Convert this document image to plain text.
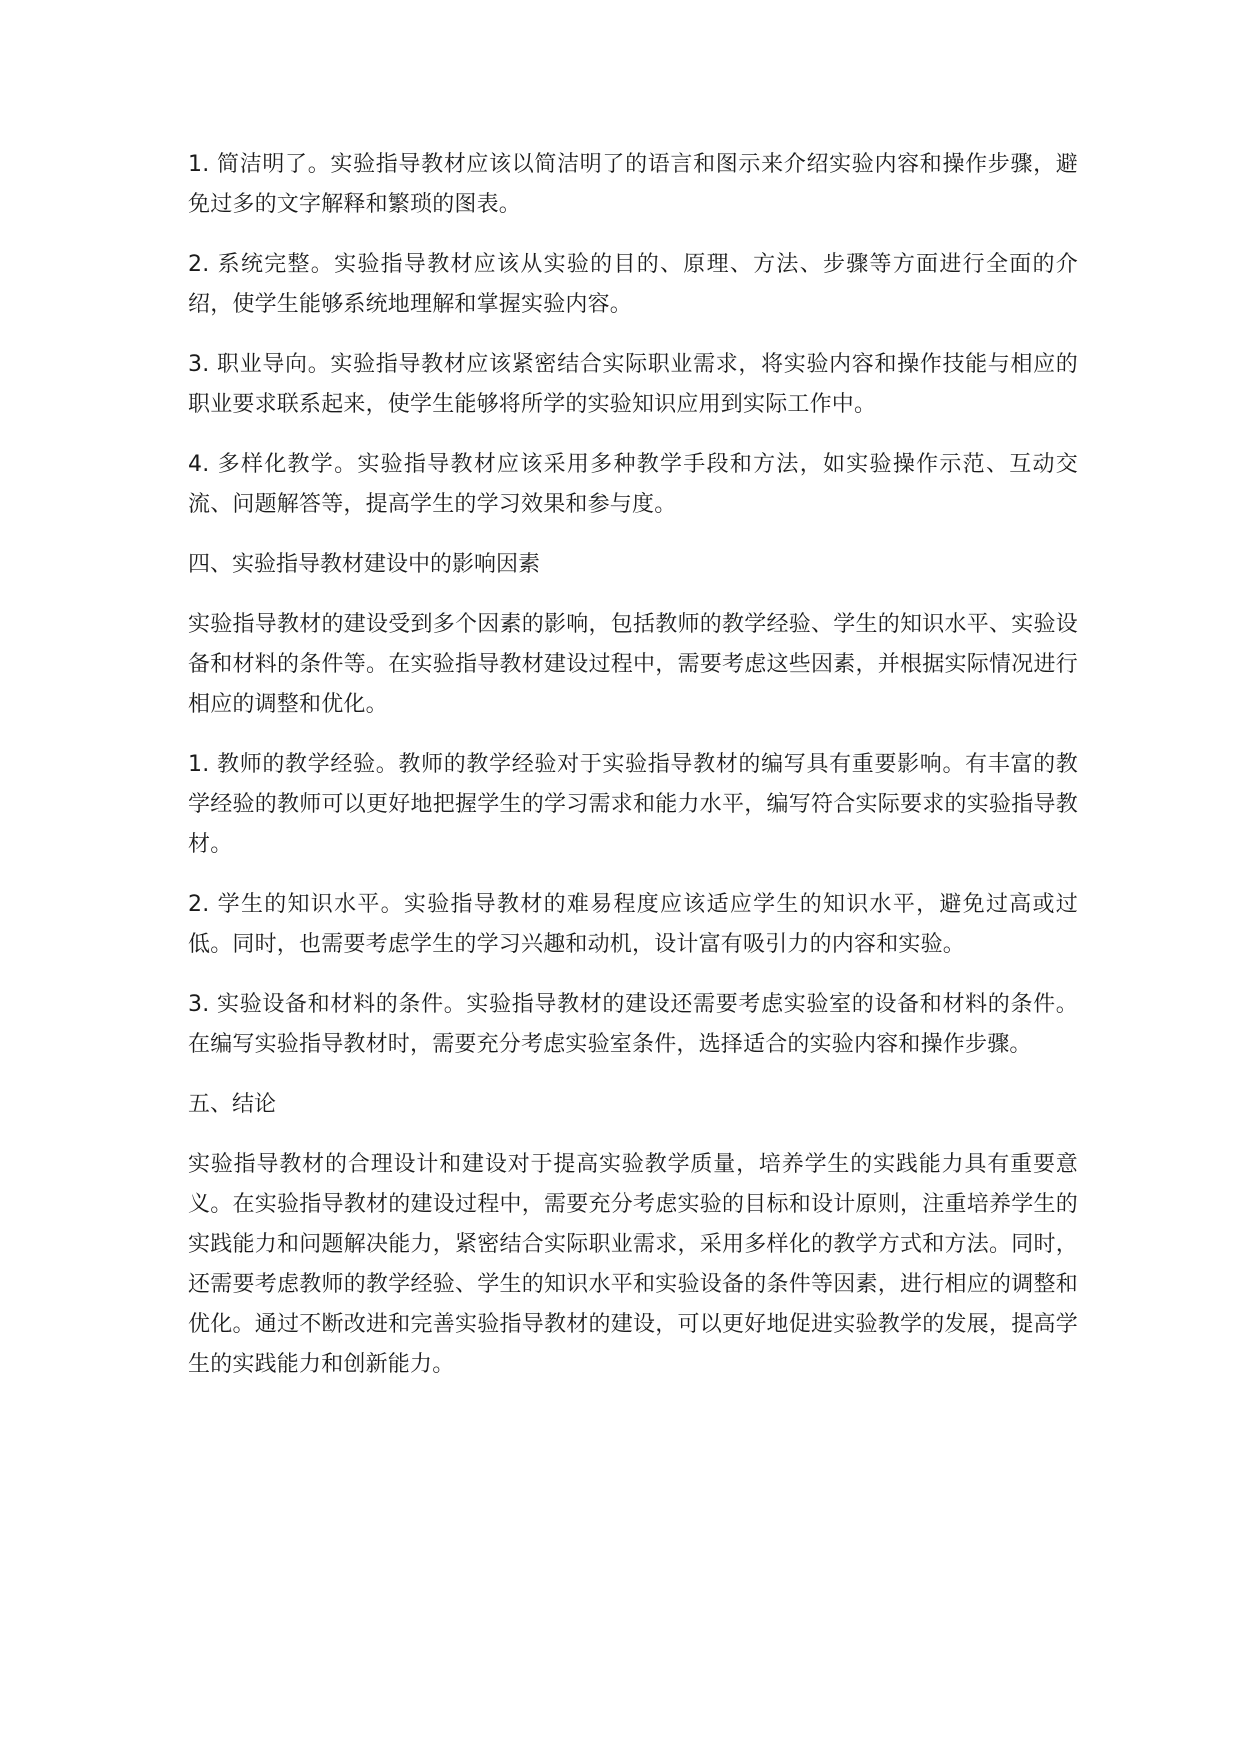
1. 简洁明了。实验指导教材应该以简洁明了的语言和图示来介绍实验内容和操作步骤，避免过多的文字解释和繁琐的图表。

2. 系统完整。实验指导教材应该从实验的目的、原理、方法、步骤等方面进行全面的介绍，使学生能够系统地理解和掌握实验内容。

3. 职业导向。实验指导教材应该紧密结合实际职业需求，将实验内容和操作技能与相应的职业要求联系起来，使学生能够将所学的实验知识应用到实际工作中。

4. 多样化教学。实验指导教材应该采用多种教学手段和方法，如实验操作示范、互动交流、问题解答等，提高学生的学习效果和参与度。

四、实验指导教材建设中的影响因素

实验指导教材的建设受到多个因素的影响，包括教师的教学经验、学生的知识水平、实验设备和材料的条件等。在实验指导教材建设过程中，需要考虑这些因素，并根据实际情况进行相应的调整和优化。

1. 教师的教学经验。教师的教学经验对于实验指导教材的编写具有重要影响。有丰富的教学经验的教师可以更好地把握学生的学习需求和能力水平，编写符合实际要求的实验指导教材。

2. 学生的知识水平。实验指导教材的难易程度应该适应学生的知识水平，避免过高或过低。同时，也需要考虑学生的学习兴趣和动机，设计富有吸引力的内容和实验。

3. 实验设备和材料的条件。实验指导教材的建设还需要考虑实验室的设备和材料的条件。在编写实验指导教材时，需要充分考虑实验室条件，选择适合的实验内容和操作步骤。

五、结论

实验指导教材的合理设计和建设对于提高实验教学质量，培养学生的实践能力具有重要意义。在实验指导教材的建设过程中，需要充分考虑实验的目标和设计原则，注重培养学生的实践能力和问题解决能力，紧密结合实际职业需求，采用多样化的教学方式和方法。同时，还需要考虑教师的教学经验、学生的知识水平和实验设备的条件等因素，进行相应的调整和优化。通过不断改进和完善实验指导教材的建设，可以更好地促进实验教学的发展，提高学生的实践能力和创新能力。
